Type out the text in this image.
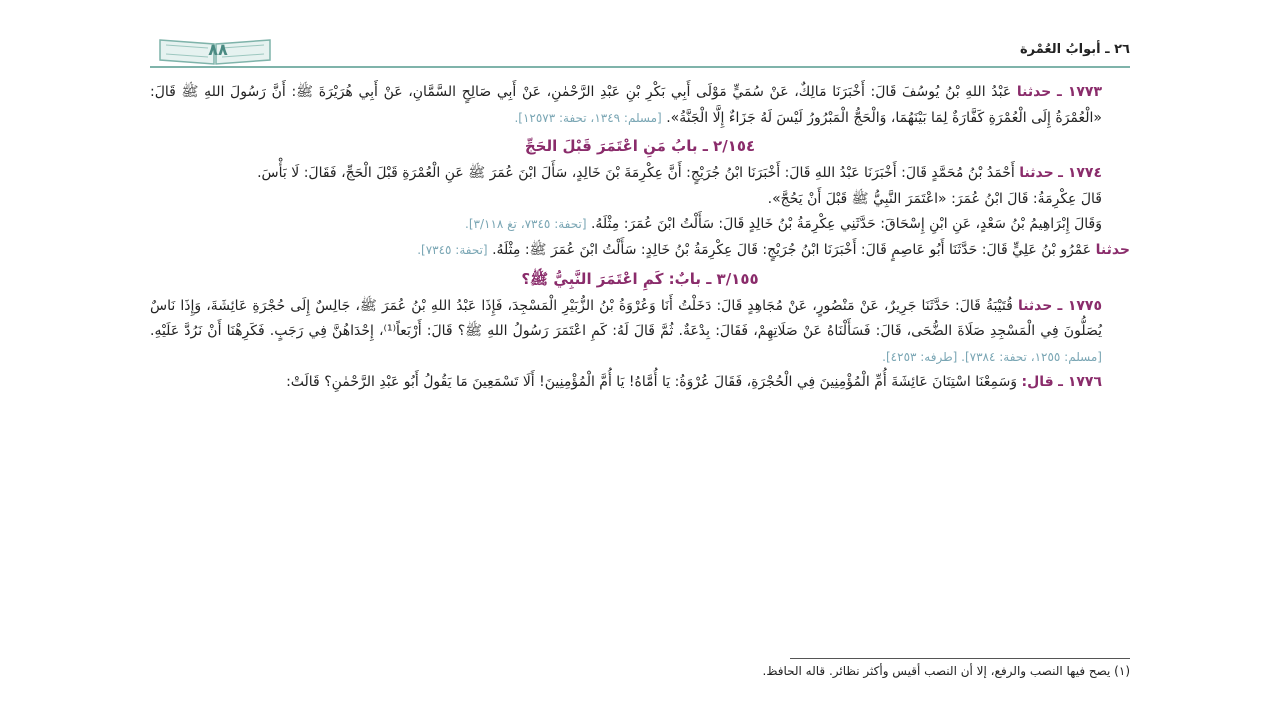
٢٦ ـ أبوابُ العُمْرة
٨٨

١٧٧٣ ـ حدثنا عَبْدُ اللهِ بْنُ يُوسُفَ قَالَ: أَخْبَرَنَا مَالِكٌ، عَنْ سُمَيٍّ مَوْلَى أَبِي بَكْرِ بْنِ عَبْدِ الرَّحْمٰنِ، عَنْ أَبِي صَالِحٍ السَّمَّانِ، عَنْ أَبِي هُرَيْرَةَ ﷺ: أَنَّ رَسُولَ اللهِ ﷺ قَالَ: «الْعُمْرَةُ إِلَى الْعُمْرَةِ كَفَّارَةٌ لِمَا بَيْنَهُمَا، وَالْحَجُّ الْمَبْرُورُ لَيْسَ لَهُ جَزَاءٌ إِلَّا الْجَنَّةُ». [مسلم: ١٣٤٩، تحفة: ١٢٥٧٣].

٢/١٥٤ ـ بابُ مَنِ اعْتَمَرَ قَبْلَ الحَجِّ

١٧٧٤ ـ حدثنا أَحْمَدُ بْنُ مُحَمَّدٍ قَالَ: أَخْبَرَنَا عَبْدُ اللهِ قَالَ: أَخْبَرَنَا ابْنُ جُرَيْجٍ: أَنَّ عِكْرِمَةَ بْنَ خَالِدٍ، سَأَلَ ابْنَ عُمَرَ ﷺ عَنِ الْعُمْرَةِ قَبْلَ الْحَجِّ، فَقَالَ: لَا بَأْسَ.

قَالَ عِكْرِمَةُ: قَالَ ابْنُ عُمَرَ: «اعْتَمَرَ النَّبِيُّ ﷺ قَبْلَ أَنْ يَحُجَّ».

وَقَالَ إِبْرَاهِيمُ بْنُ سَعْدٍ، عَنِ ابْنِ إِسْحَاقَ: حَدَّثَنِي عِكْرِمَةُ بْنُ خَالِدٍ قَالَ: سَأَلْتُ ابْنَ عُمَرَ: مِثْلَهُ. [تحفة: ٧٣٤٥، تغ ٣/١١٨].

حدثنا عَمْرُو بْنُ عَلِيٍّ قَالَ: حَدَّثَنَا أَبُو عَاصِمٍ قَالَ: أَخْبَرَنَا ابْنُ جُرَيْجٍ: قَالَ عِكْرِمَةُ بْنُ خَالِدٍ: سَأَلْتُ ابْنَ عُمَرَ ﷺ: مِثْلَهُ. [تحفة: ٧٣٤٥].

٣/١٥٥ ـ بابٌ: كَمِ اعْتَمَرَ النَّبِيُّ ﷺ؟

١٧٧٥ ـ حدثنا قُتَيْبَةُ قَالَ: حَدَّثَنَا جَرِيرٌ، عَنْ مَنْصُورٍ، عَنْ مُجَاهِدٍ قَالَ: دَخَلْتُ أَنَا وَعُرْوَةُ بْنُ الزُّبَيْرِ الْمَسْجِدَ، فَإِذَا عَبْدُ اللهِ بْنُ عُمَرَ ﷺ، جَالِسٌ إِلَى حُجْرَةِ عَائِشَةَ، وَإِذَا نَاسٌ يُصَلُّونَ فِي الْمَسْجِدِ صَلَاةَ الضُّحَى، قَالَ: فَسَأَلْنَاهُ عَنْ صَلَاتِهِمْ، فَقَالَ: بِدْعَةٌ. ثُمَّ قَالَ لَهُ: كَمِ اعْتَمَرَ رَسُولُ اللهِ ﷺ؟ قَالَ: أَرْبَعاً⁽¹⁾، إِحْدَاهُنَّ فِي رَجَبٍ. فَكَرِهْنَا أَنْ نَرُدَّ عَلَيْهِ. [مسلم: ١٢٥٥، تحفة: ٧٣٨٤]. [طرفه: ٤٢٥٣].

١٧٧٦ ـ قال: وَسَمِعْنَا اسْتِنَانَ عَائِشَةَ أُمِّ الْمُؤْمِنِينَ فِي الْحُجْرَةِ، فَقَالَ عُرْوَةُ: يَا أُمَّاهُ! يَا أُمَّ الْمُؤْمِنِينَ! أَلَا تَسْمَعِينَ مَا يَقُولُ أَبُو عَبْدِ الرَّحْمٰنِ؟ قَالَتْ:

(١) يصح فيها النصب والرفع، إلا أن النصب أقيس وأكثر نظائر. قاله الحافظ.
